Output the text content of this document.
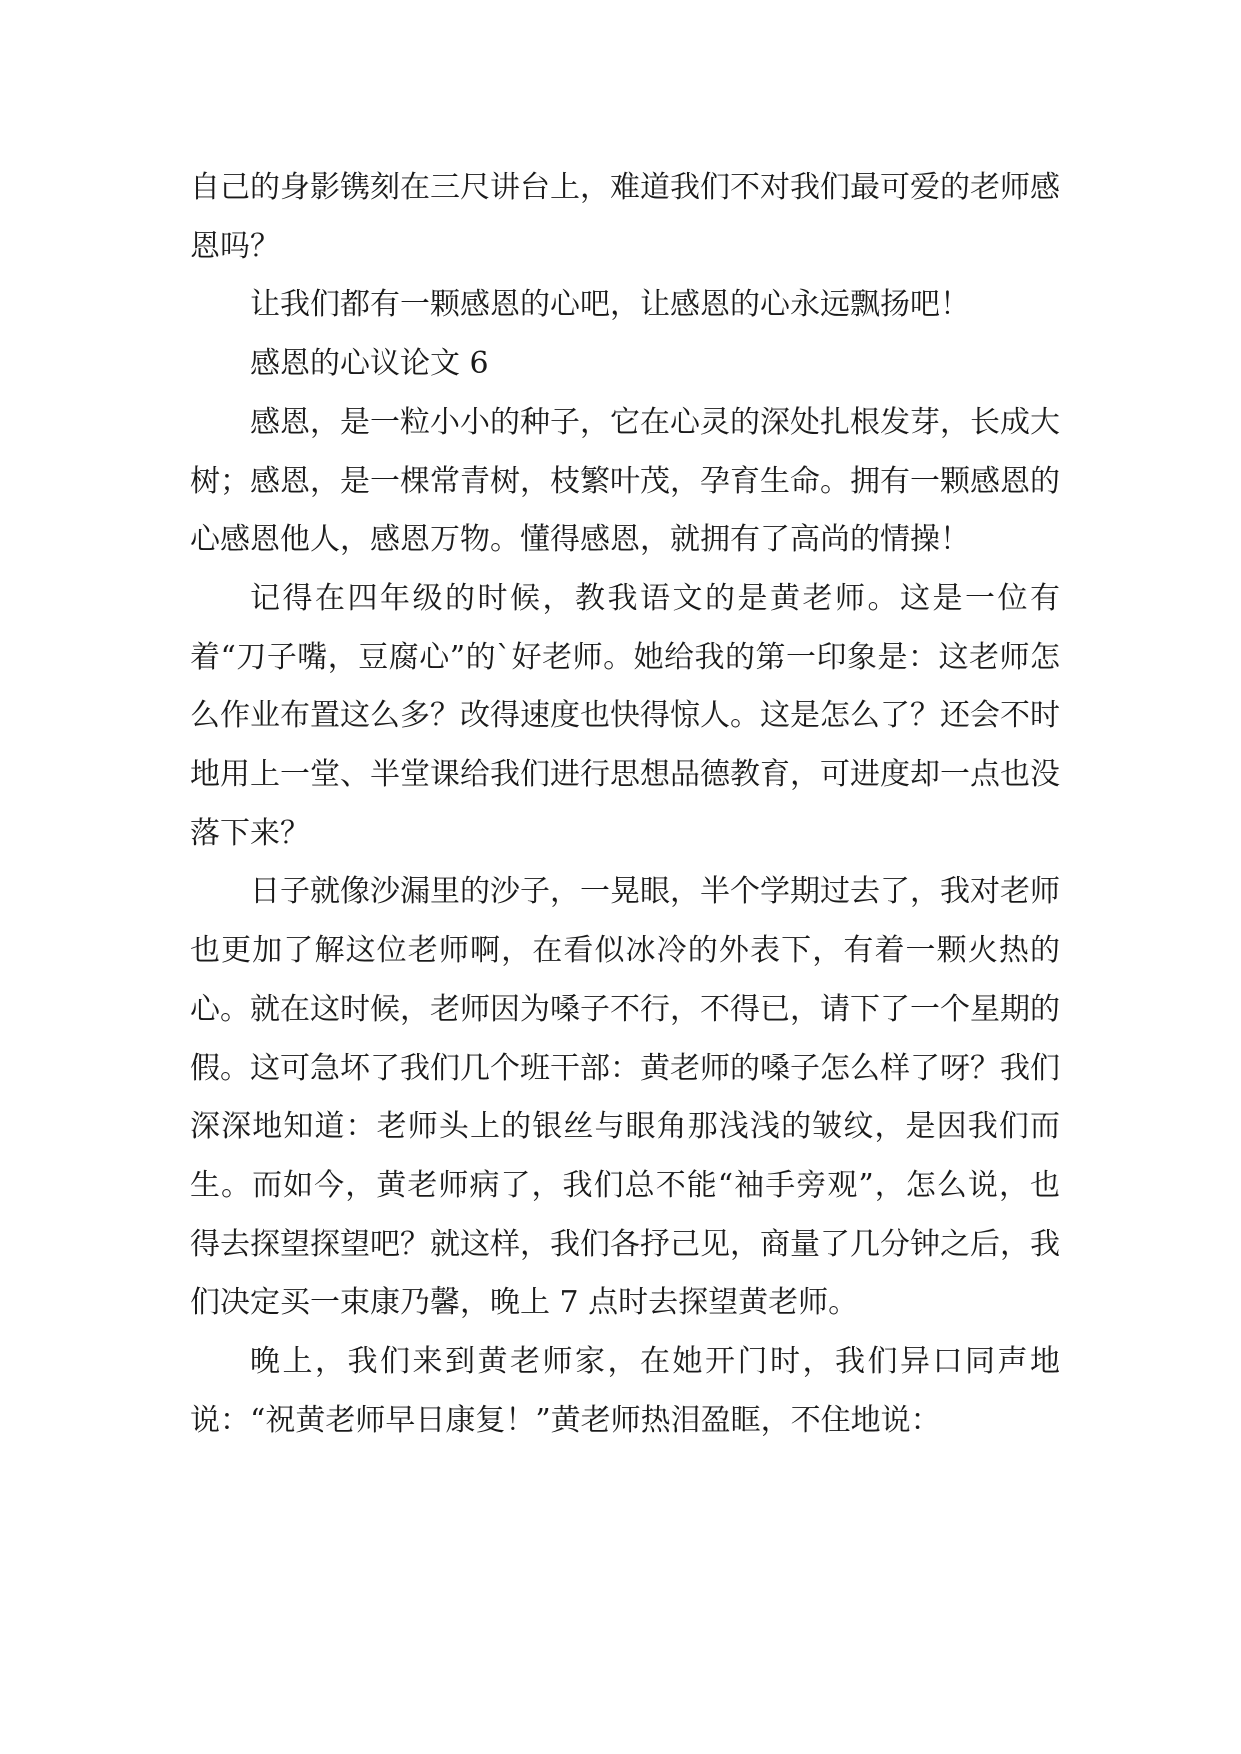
自己的身影镌刻在三尺讲台上，难道我们不对我们最可爱的老师感恩吗？

让我们都有一颗感恩的心吧，让感恩的心永远飘扬吧！

感恩的心议论文 6

感恩，是一粒小小的种子，它在心灵的深处扎根发芽，长成大树；感恩，是一棵常青树，枝繁叶茂，孕育生命。拥有一颗感恩的心感恩他人，感恩万物。懂得感恩，就拥有了高尚的情操！

记得在四年级的时候，教我语文的是黄老师。这是一位有着“刀子嘴，豆腐心”的`好老师。她给我的第一印象是：这老师怎么作业布置这么多？改得速度也快得惊人。这是怎么了？还会不时地用上一堂、半堂课给我们进行思想品德教育，可进度却一点也没落下来？

日子就像沙漏里的沙子，一晃眼，半个学期过去了，我对老师也更加了解这位老师啊，在看似冰冷的外表下，有着一颗火热的心。就在这时候，老师因为嗓子不行，不得已，请下了一个星期的假。这可急坏了我们几个班干部：黄老师的嗓子怎么样了呀？我们深深地知道：老师头上的银丝与眼角那浅浅的皱纹，是因我们而生。而如今，黄老师病了，我们总不能“袖手旁观”，怎么说，也得去探望探望吧？就这样，我们各抒己见，商量了几分钟之后，我们决定买一束康乃馨，晚上 7 点时去探望黄老师。

晚上，我们来到黄老师家，在她开门时，我们异口同声地说：“祝黄老师早日康复！”黄老师热泪盈眶，不住地说：
